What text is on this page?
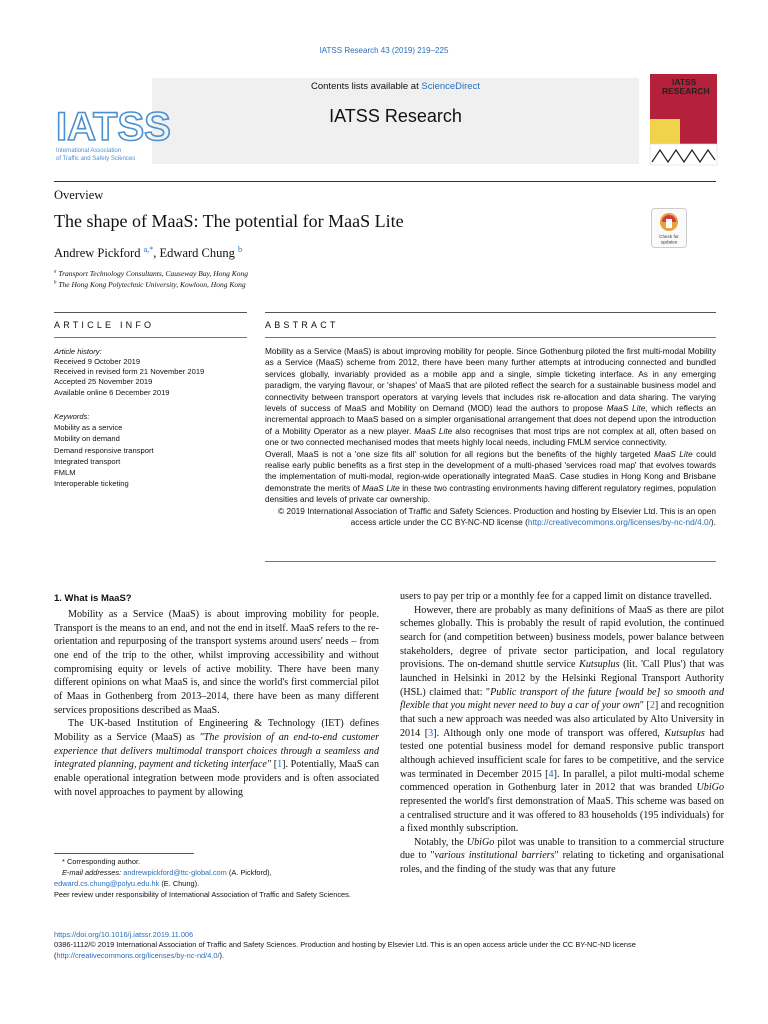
IATSS Research 43 (2019) 219–225
Contents lists available at ScienceDirect
IATSS Research
IATSS
International Association
of Traffic and Safety Sciences
IATSS
RESEARCH
Overview
The shape of MaaS: The potential for MaaS Lite
Check for
updates
Andrew Pickford $^{a,*}$, Edward Chung $^b$
$^a$ Transport Technology Consultants, Causeway Bay, Hong Kong
$^b$ The Hong Kong Polytechnic University, Kowloon, Hong Kong
ARTICLE INFO	ABSTRACT
Article history:
Received 9 October 2019
Received in revised form 21 November 2019
Accepted 25 November 2019
Available online 6 December 2019
Keywords:
Mobility as a service
Mobility on demand
Demand responsive transport
Integrated transport
FMLM
Interoperable ticketing

Mobility as a Service (MaaS) is about improving mobility for people. Since Gothenburg piloted the first multi-modal Mobility as a Service (MaaS) scheme from 2012, there have been many further attempts at introducing connected and bundled services globally, invariably provided as a mobile app and a single, simple ticketing interface. As in any emerging paradigm, the varying flavour, or 'shapes' of MaaS that are piloted reflect the search for a sustainable business model and connectivity between transport operators at varying levels that includes risk re-allocation and data sharing. The varying levels of success of MaaS and Mobility on Demand (MOD) lead the authors to propose MaaS Lite, which reflects an incremental approach to MaaS based on a simpler organisational arrangement that does not depend upon the introduction of a Mobility Operator as a new player. MaaS Lite also recognises that most trips are not complex at all, often based on one or two connected mechanised modes that meets highly local needs, including FMLM service connectivity.

Overall, MaaS is not a 'one size fits all' solution for all regions but the benefits of the highly targeted MaaS Lite could realise early public benefits as a first step in the development of a multi-phased 'services road map' that evolves towards the implementation of multi-modal, region-wide operationally integrated MaaS. Case studies in Hong Kong and Brisbane demonstrate the merits of MaaS Lite in these two contrasting environments having different regulatory regimes, population densities and levels of private car ownership.

© 2019 International Association of Traffic and Safety Sciences. Production and hosting by Elsevier Ltd. This is an open access article under the CC BY-NC-ND license (http://creativecommons.org/licenses/by-nc-nd/4.0/).

1. What is MaaS?

Mobility as a Service (MaaS) is about improving mobility for people. Transport is the means to an end, and not the end in itself. MaaS refers to the re-orientation and repurposing of the transport systems around users' needs – from one end of the trip to the other, whilst improving accessibility and without compromising equity or levels of active mobility. There have been many different opinions on what MaaS is, and since the world's first commercial pilot of Maas in Gothenberg from 2013–2014, there have been as many different services propositions described as MaaS.

The UK-based Institution of Engineering & Technology (IET) defines Mobility as a Service (MaaS) as "The provision of an end-to-end customer experience that delivers multimodal transport choices through a seamless and integrated planning, payment and ticketing interface" [1]. Potentially, MaaS can enable operational integration between mode providers and is often associated with novel approaches to payment by allowing

users to pay per trip or a monthly fee for a capped limit on distance travelled.

However, there are probably as many definitions of MaaS as there are pilot schemes globally. This is probably the result of rapid evolution, the continued search for (and competition between) business models, power balance between stakeholders, degree of private sector participation, and local regulatory provisions. The on-demand shuttle service Kutsuplus (lit. 'Call Plus') that was launched in Helsinki in 2012 by the Helsinki Regional Transport Authority (HSL) claimed that: "Public transport of the future [would be] so smooth and flexible that you might never need to buy a car of your own" [2] and recognition that such a new approach was needed was also articulated by Alto University in 2014 [3]. Although only one mode of transport was offered, Kutsuplus had tested one potential business model for demand responsive public transport although achieved insufficient scale for fares to be competitive, and the service was terminated in December 2015 [4]. In parallel, a pilot multi-modal scheme commenced operation in Gothenburg later in 2012 that was branded UbiGo represented the world's first demonstration of MaaS. This scheme was based on a centralised structure and it was offered to 83 households (195 individuals) for a fixed monthly subscription.

Notably, the UbiGo pilot was unable to transition to a commercial structure due to "various institutional barriers" relating to ticketing and organisational roles, and the finding of the study was that any future

* Corresponding author.
E-mail addresses: andrewpickford@ttc-global.com (A. Pickford),
edward.cs.chung@polyu.edu.hk (E. Chung).
Peer review under responsibility of International Association of Traffic and Safety Sciences.
https://doi.org/10.1016/j.iatssr.2019.11.006
0386-1112/© 2019 International Association of Traffic and Safety Sciences. Production and hosting by Elsevier Ltd. This is an open access article under the CC BY-NC-ND license
(http://creativecommons.org/licenses/by-nc-nd/4.0/).
